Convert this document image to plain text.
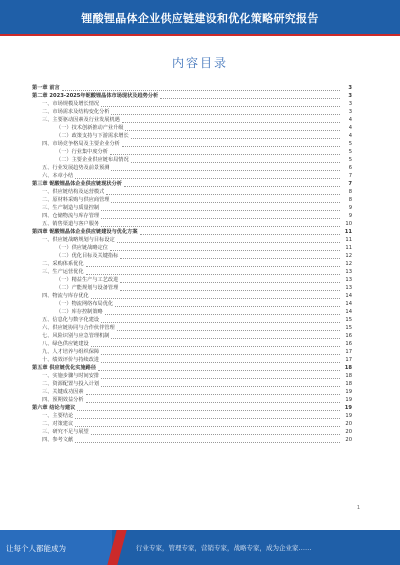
锂酸锂晶体企业供应链建设和优化策略研究报告
内容目录
第一章 前言	3
第二章 2023-2025年铌酸锂晶体市场现状及趋势分析	3
一、市场规模及增长情况	3
二、市场需求及结构变化分析	3
三、主要驱动因素及行业发展机遇	4
（一）技术创新推动产业升级	4
（二）政策支持与下游需求增长	4
四、市场竞争格局及主要企业分析	5
（一）行业集中度分析	5
（二）主要企业供应链布局情况	5
五、行业发展趋势及前景预测	6
六、本章小结	7
第三章 铌酸锂晶体企业供应链现状分析	7
一、供应链结构及运营模式	8
二、原材料采购与供应商管理	8
三、生产制造与质量控制	9
四、仓储物流与库存管理	9
五、销售渠道与客户服务	10
第四章 铌酸锂晶体企业供应链建设与优化方案	11
一、供应链战略规划与目标设定	11
（一）供应链战略定位	11
（二）优化目标及关键指标	12
二、采购体系优化	12
三、生产运营优化	13
（一）精益生产与工艺改进	13
（二）产能规划与设备管理	13
四、物流与库存优化	14
（一）物流网络布局优化	14
（二）库存控制策略	14
五、信息化与数字化建设	15
六、供应链协同与合作伙伴管理	15
七、风险识别与应急管理机制	16
八、绿色供应链建设	16
九、人才培养与组织保障	17
十、绩效评价与持续改进	17
第五章 供应链优化实施路径	18
一、实施步骤与时间安排	18
二、资源配置与投入计划	18
三、关键成功因素	19
四、预期效益分析	19
第六章 结论与建议	19
一、主要结论	19
二、对策建议	20
三、研究不足与展望	20
四、参考文献	20
1
让每个人都能成为	行业专家，管理专家，营销专家，战略专家，成为企业家……
